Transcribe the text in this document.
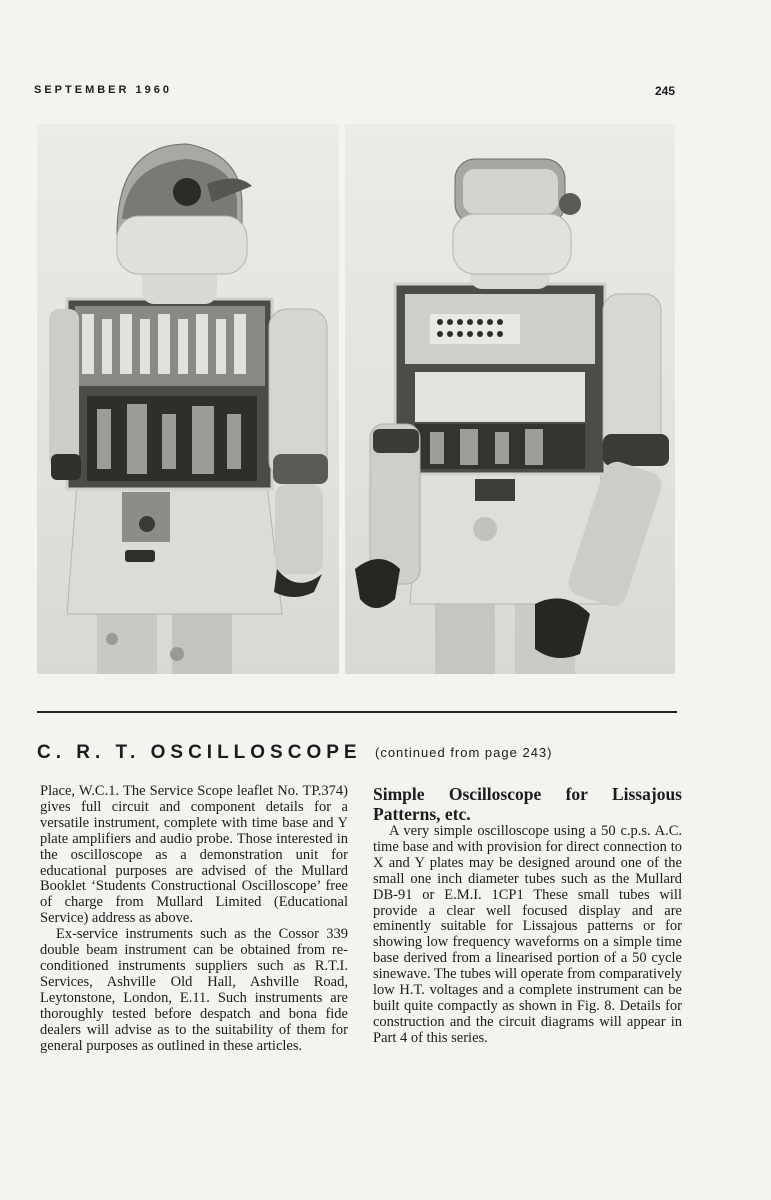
SEPTEMBER 1960	245
C. R. T. OSCILLOSCOPE (continued from page 243)

Place, W.C.1. The Service Scope leaflet No. TP.374) gives full circuit and component details for a versatile instrument, complete with time base and Y plate amplifiers and audio probe. Those interested in the oscilloscope as a demonstration unit for educational purposes are advised of the Mullard Booklet ‘Students Constructional Oscilloscope’ free of charge from Mullard Limited (Educational Service) address as above.

Ex-service instruments such as the Cossor 339 double beam instrument can be obtained from re-conditioned instruments suppliers such as R.T.I. Services, Ashville Old Hall, Ashville Road, Leytonstone, London, E.11. Such instruments are thoroughly tested before despatch and bona fide dealers will advise as to the suitability of them for general purposes as outlined in these articles.

Simple Oscilloscope for Lissajous Patterns, etc.

A very simple oscilloscope using a 50 c.p.s. A.C. time base and with provision for direct connection to X and Y plates may be designed around one of the small one inch diameter tubes such as the Mullard DB-91 or E.M.I. 1CP1 These small tubes will provide a clear well focused display and are eminently suitable for Lissajous patterns or for showing low frequency waveforms on a simple time base derived from a linearised portion of a 50 cycle sinewave. The tubes will operate from comparatively low H.T. voltages and a complete instrument can be built quite compactly as shown in Fig. 8. Details for construction and the circuit diagrams will appear in Part 4 of this series.
